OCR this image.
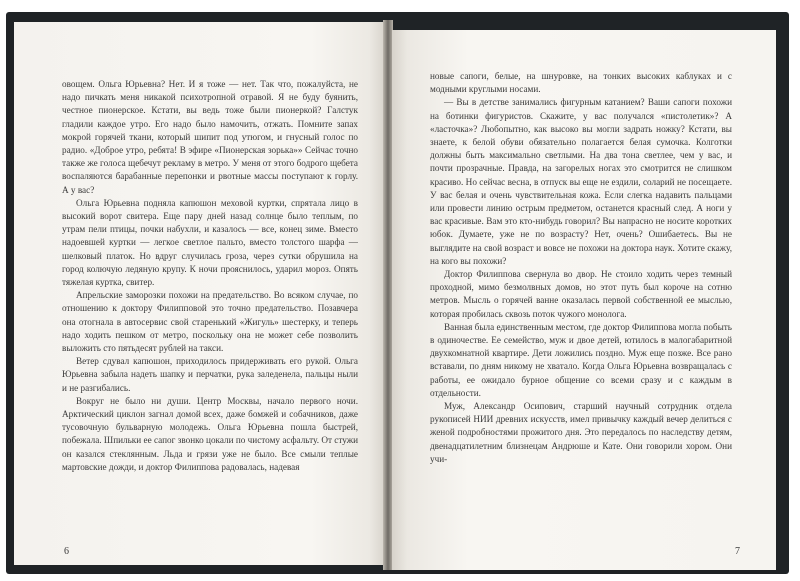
овощем. Ольга Юрьевна? Нет. И я тоже — нет. Так что, пожалуйста, не надо пичкать меня никакой психотропной отравой. Я не буду буянить, честное пионерское. Кстати, вы ведь тоже были пионеркой? Галстук гладили каждое утро. Его надо было намочить, отжать. Помните запах мокрой горячей ткани, который шипит под утюгом, и гнусный голос по радио. «Доброе утро, ребята! В эфире «Пионерская зорька»» Сейчас точно также же голоса щебечут рекламу в метро. У меня от этого бодрого щебета воспаляются барабанные перепонки и рвотные массы поступают к горлу. А у вас?

Ольга Юрьевна подняла капюшон меховой куртки, спрятала лицо в высокий ворот свитера. Еще пару дней назад солнце было теплым, по утрам пели птицы, почки набухли, и казалось — все, конец зиме. Вместо надоевшей куртки — легкое светлое пальто, вместо толстого шарфа — шелковый платок. Но вдруг случилась гроза, через сутки обрушила на город колючую ледяную крупу. К ночи прояснилось, ударил мороз. Опять тяжелая куртка, свитер.

Апрельские заморозки похожи на предательство. Во всяком случае, по отношению к доктору Филипповой это точно предательство. Позавчера она отогнала в автосервис свой старенький «Жигуль» шестерку, и теперь надо ходить пешком от метро, поскольку она не может себе позволить выложить сто пятьдесят рублей на такси.

Ветер сдувал капюшон, приходилось придерживать его рукой. Ольга Юрьевна забыла надеть шапку и перчатки, рука заледенела, пальцы ныли и не разгибались.

Вокруг не было ни души. Центр Москвы, начало первого ночи. Арктический циклон загнал домой всех, даже бомжей и собачников, даже тусовочную бульварную молодежь. Ольга Юрьевна пошла быстрей, побежала. Шпильки ее сапог звонко цокали по чистому асфальту. От стужи он казался стеклянным. Льда и грязи уже не было. Все смыли теплые мартовские дожди, и доктор Филиппова радовалась, надевая

6

новые сапоги, белые, на шнуровке, на тонких высоких каблуках и с модными круглыми носами.

— Вы в детстве занимались фигурным катанием? Ваши сапоги похожи на ботинки фигуристов. Скажите, у вас получался «пистолетик»? А «ласточка»? Любопытно, как высоко вы могли задрать ножку? Кстати, вы знаете, к белой обуви обязательно полагается белая сумочка. Колготки должны быть максимально светлыми. На два тона светлее, чем у вас, и почти прозрачные. Правда, на загорелых ногах это смотрится не слишком красиво. Но сейчас весна, в отпуск вы еще не ездили, соларий не посещаете. У вас белая и очень чувствительная кожа. Если слегка надавить пальцами или провести линию острым предметом, останется красный след. А ноги у вас красивые. Вам это кто-нибудь говорил? Вы напрасно не носите коротких юбок. Думаете, уже не по возрасту? Нет, очень? Ошибаетесь. Вы не выглядите на свой возраст и вовсе не похожи на доктора наук. Хотите скажу, на кого вы похожи?

Доктор Филиппова свернула во двор. Не стоило ходить через темный проходной, мимо безмолвных домов, но этот путь был короче на сотню метров. Мысль о горячей ванне оказалась первой собственной ее мыслью, которая пробилась сквозь поток чужого монолога.

Ванная была единственным местом, где доктор Филиппова могла побыть в одиночестве. Ее семейство, муж и двое детей, ютилось в малогабаритной двухкомнатной квартире. Дети ложились поздно. Муж еще позже. Все рано вставали, по дням никому не хватало. Когда Ольга Юрьевна возвращалась с работы, ее ожидало бурное общение со всеми сразу и с каждым в отдельности.

Муж, Александр Осипович, старший научный сотрудник отдела рукописей НИИ древних искусств, имел привычку каждый вечер делиться с женой подробностями прожитого дня. Это передалось по наследству детям, двенадцатилетним близнецам Андрюше и Кате. Они говорили хором. Они учи-

7
